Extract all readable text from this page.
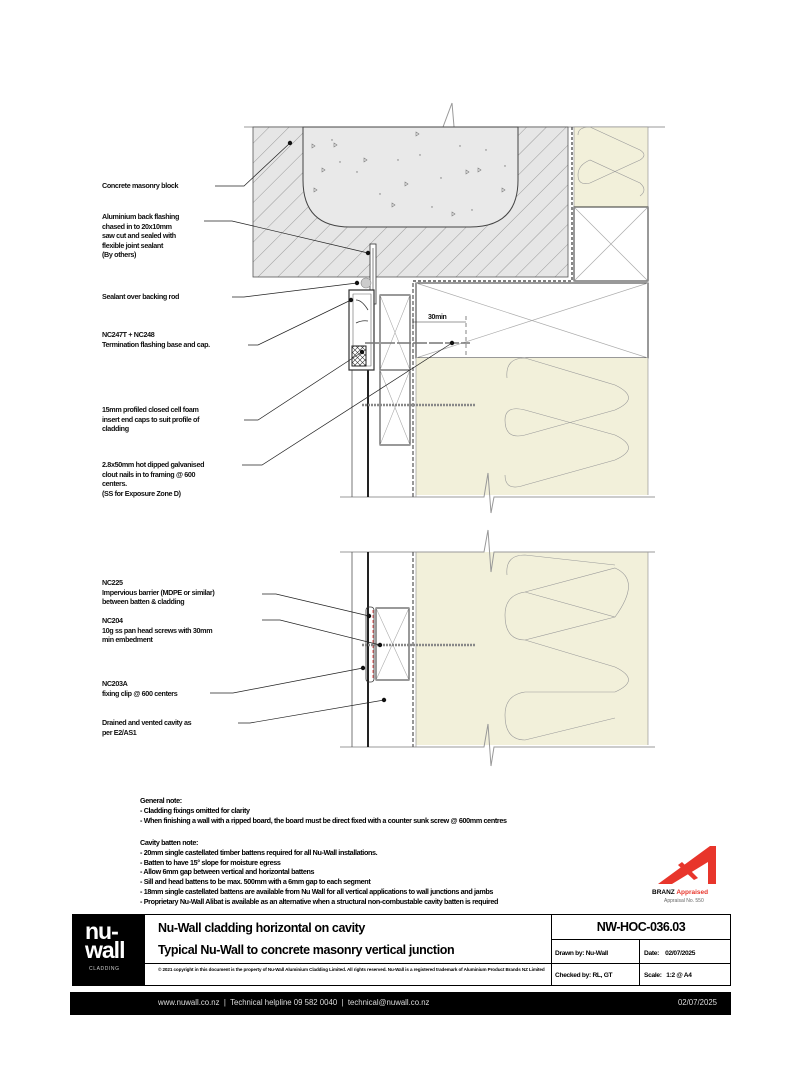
30min
Concrete masonry block
Aluminium back flashing
chased in to 20x10mm
saw cut and sealed with
flexible joint sealant
(By others)
Sealant over backing rod
NC247T + NC248
Termination flashing base and cap.
15mm profiled closed cell foam
insert end caps to suit profile of
cladding
2.8x50mm hot dipped galvanised
clout nails in to framing @ 600
centers.
(SS for Exposure Zone D)
NC225
Impervious barrier (MDPE or similar)
between batten & cladding
NC204
10g ss pan head screws with 30mm
min embedment
NC203A
fixing clip @ 600 centers
Drained and vented cavity as
per E2/AS1
General note:
- Cladding fixings omitted for clarity
- When finishing a wall with a ripped board, the board must be direct fixed with a counter sunk screw @ 600mm centres
Cavity batten note:
- 20mm single castellated timber battens required for all Nu-Wall installations.
- Batten to have 15° slope for moisture egress
- Allow 6mm gap between vertical and horizontal battens
- Sill and head battens to be max. 500mm with a 6mm gap to each segment
- 18mm single castellated battens are available from Nu Wall for all vertical applications to wall junctions and jambs
- Proprietary Nu-Wall Alibat is available as an alternative when a structural non-combustable cavity batten is required
BRANZ Appraised
Appraisal No. 550
nu-
wall
CLADDING
Nu-Wall cladding horizontal on cavity
Typical Nu-Wall to concrete masonry vertical junction
© 2021 copyright in this document is the property of Nu-Wall Aluminium Cladding Limited. All rights reserved. Nu-Wall is a registered trademark of Aluminium Product Brands NZ Limited
NW-HOC-036.03
Drawn by: Nu-Wall	Date:    02/07/2025
Checked by: RL, GT	Scale:   1:2 @ A4
www.nuwall.co.nz  |  Technical helpline 09 582 0040  |  technical@nuwall.co.nz	02/07/2025
